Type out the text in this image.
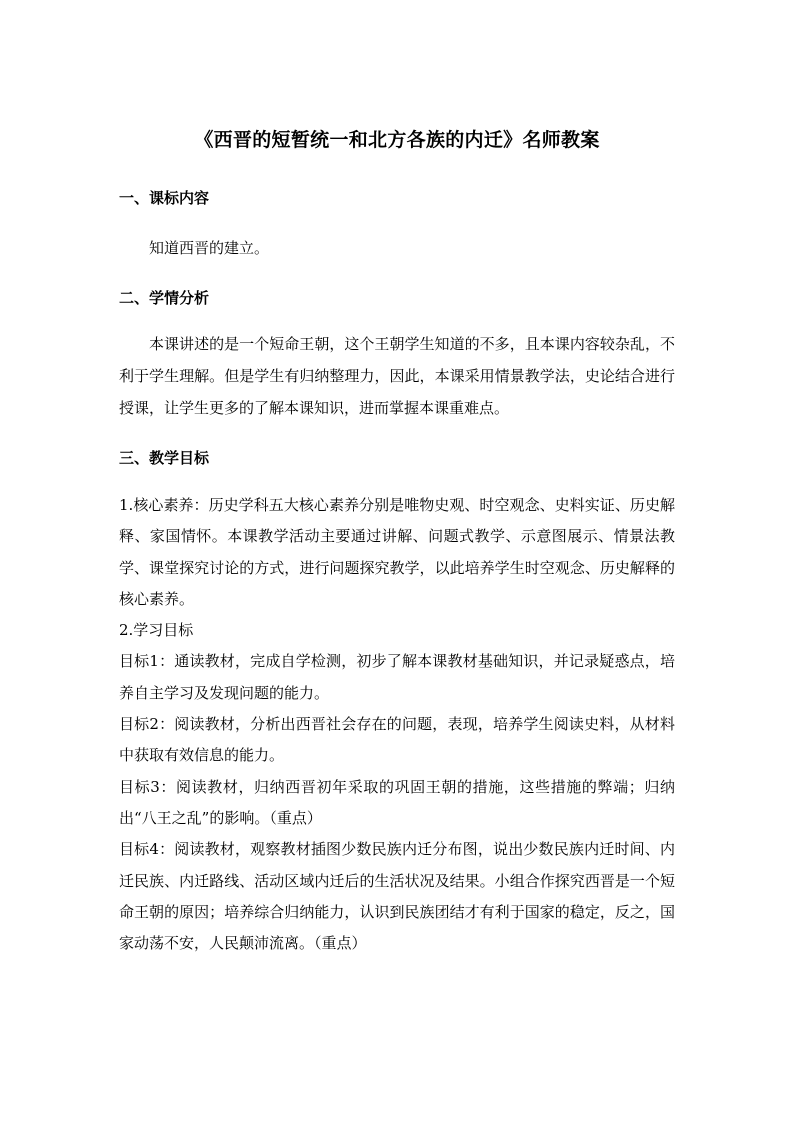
《西晋的短暂统一和北方各族的内迁》名师教案
一、课标内容

知道西晋的建立。

二、学情分析

本课讲述的是一个短命王朝，这个王朝学生知道的不多，且本课内容较杂乱，不利于学生理解。但是学生有归纳整理力，因此，本课采用情景教学法，史论结合进行授课，让学生更多的了解本课知识，进而掌握本课重难点。

三、教学目标

1.核心素养：历史学科五大核心素养分别是唯物史观、时空观念、史料实证、历史解释、家国情怀。本课教学活动主要通过讲解、问题式教学、示意图展示、情景法教学、课堂探究讨论的方式，进行问题探究教学，以此培养学生时空观念、历史解释的核心素养。

2.学习目标

目标1：通读教材，完成自学检测，初步了解本课教材基础知识，并记录疑惑点，培养自主学习及发现问题的能力。

目标2：阅读教材，分析出西晋社会存在的问题，表现，培养学生阅读史料，从材料中获取有效信息的能力。

目标3：阅读教材，归纳西晋初年采取的巩固王朝的措施，这些措施的弊端；归纳出“八王之乱”的影响。（重点）

目标4：阅读教材，观察教材插图少数民族内迁分布图，说出少数民族内迁时间、内迁民族、内迁路线、活动区域内迁后的生活状况及结果。小组合作探究西晋是一个短命王朝的原因；培养综合归纳能力，认识到民族团结才有利于国家的稳定，反之，国家动荡不安，人民颠沛流离。（重点）
